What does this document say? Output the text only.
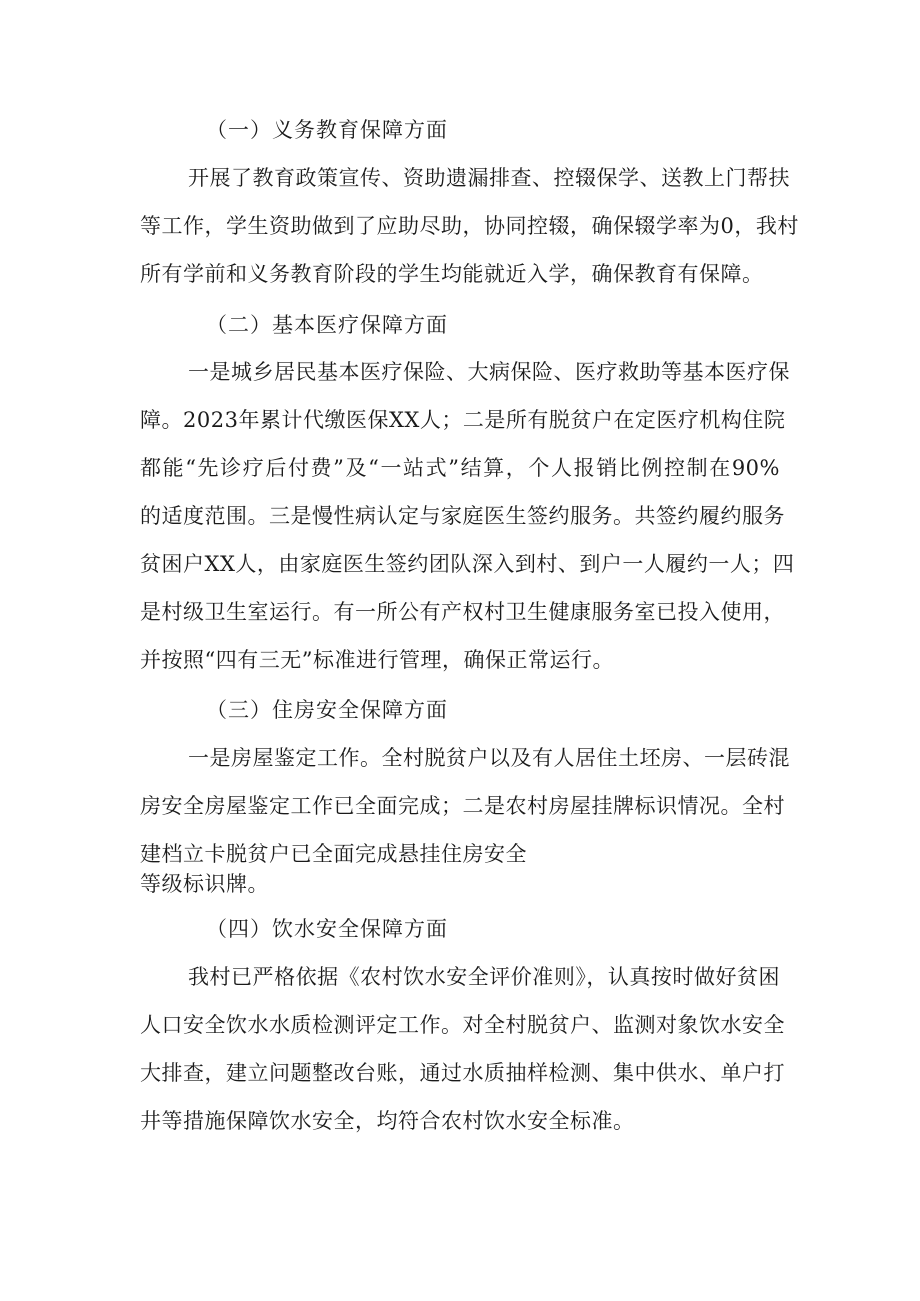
（一）义务教育保障方面
开展了教育政策宣传、资助遗漏排查、控辍保学、送教上门帮扶
等工作，学生资助做到了应助尽助，协同控辍，确保辍学率为0，我村
所有学前和义务教育阶段的学生均能就近入学，确保教育有保障。
（二）基本医疗保障方面
一是城乡居民基本医疗保险、大病保险、医疗救助等基本医疗保
障。2023年累计代缴医保XX人；二是所有脱贫户在定医疗机构住院
都能“先诊疗后付费”及“一站式”结算，个人报销比例控制在90%
的适度范围。三是慢性病认定与家庭医生签约服务。共签约履约服务
贫困户XX人，由家庭医生签约团队深入到村、到户一人履约一人；四
是村级卫生室运行。有一所公有产权村卫生健康服务室已投入使用，
并按照“四有三无”标准进行管理，确保正常运行。
（三）住房安全保障方面
一是房屋鉴定工作。全村脱贫户以及有人居住土坯房、一层砖混
房安全房屋鉴定工作已全面完成；二是农村房屋挂牌标识情况。全村
建档立卡脱贫户已全面完成悬挂住房安全
等级标识牌。
（四）饮水安全保障方面
我村已严格依据《农村饮水安全评价准则》，认真按时做好贫困
人口安全饮水水质检测评定工作。对全村脱贫户、监测对象饮水安全
大排查，建立问题整改台账，通过水质抽样检测、集中供水、单户打
井等措施保障饮水安全，均符合农村饮水安全标准。
